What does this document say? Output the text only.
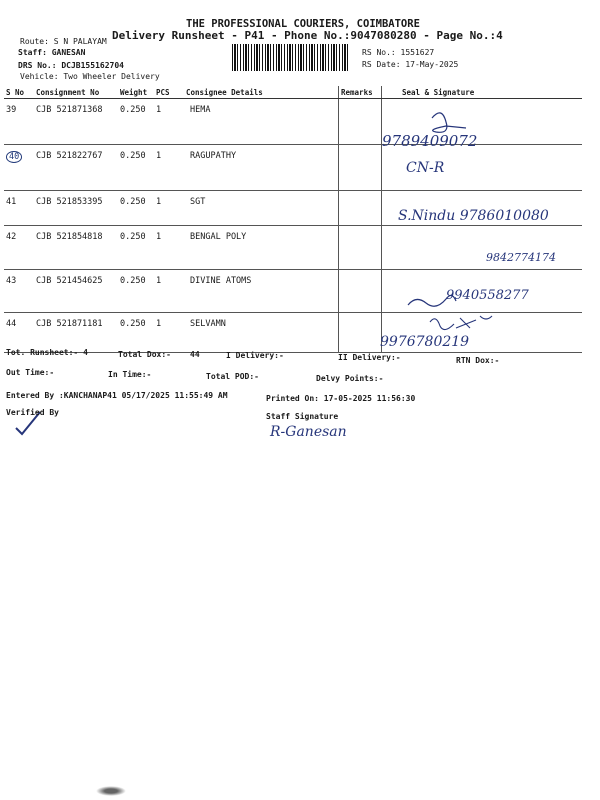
THE PROFESSIONAL COURIERS, COIMBATORE
Delivery Runsheet - P41 - Phone No.:9047080280 - Page No.:4
Route: S N PALAYAM
Staff: GANESAN
DRS No.: DCJB155162704
Vehicle: Two Wheeler Delivery
RS No.: 1551627
RS Date: 17-May-2025
S No	Consignment No	Weight	PCS	Consignee Details	Remarks	Seal & Signature
39	CJB 521871368	0.250	1	HEMA		
40	CJB 521822767	0.250	1	RAGUPATHY		
41	CJB 521853395	0.250	1	SGT		
42	CJB 521854818	0.250	1	BENGAL POLY		
43	CJB 521454625	0.250	1	DIVINE ATOMS		
44	CJB 521871181	0.250	1	SELVAMN		
9789409072
CN-R
S.Nindu 9786010080
9842774174
9940558277
9976780219
Tot. Runsheet:- 4	Total Dox:- 44	I Delivery:-	II Delivery:-	RTN Dox:-
Out Time:-	In Time:-	Total POD:-	Delvy Points:-
Entered By :KANCHANAP41 05/17/2025 11:55:49 AM	Printed On: 17-05-2025 11:56:30
Verified By	Staff Signature
R-Ganesan
